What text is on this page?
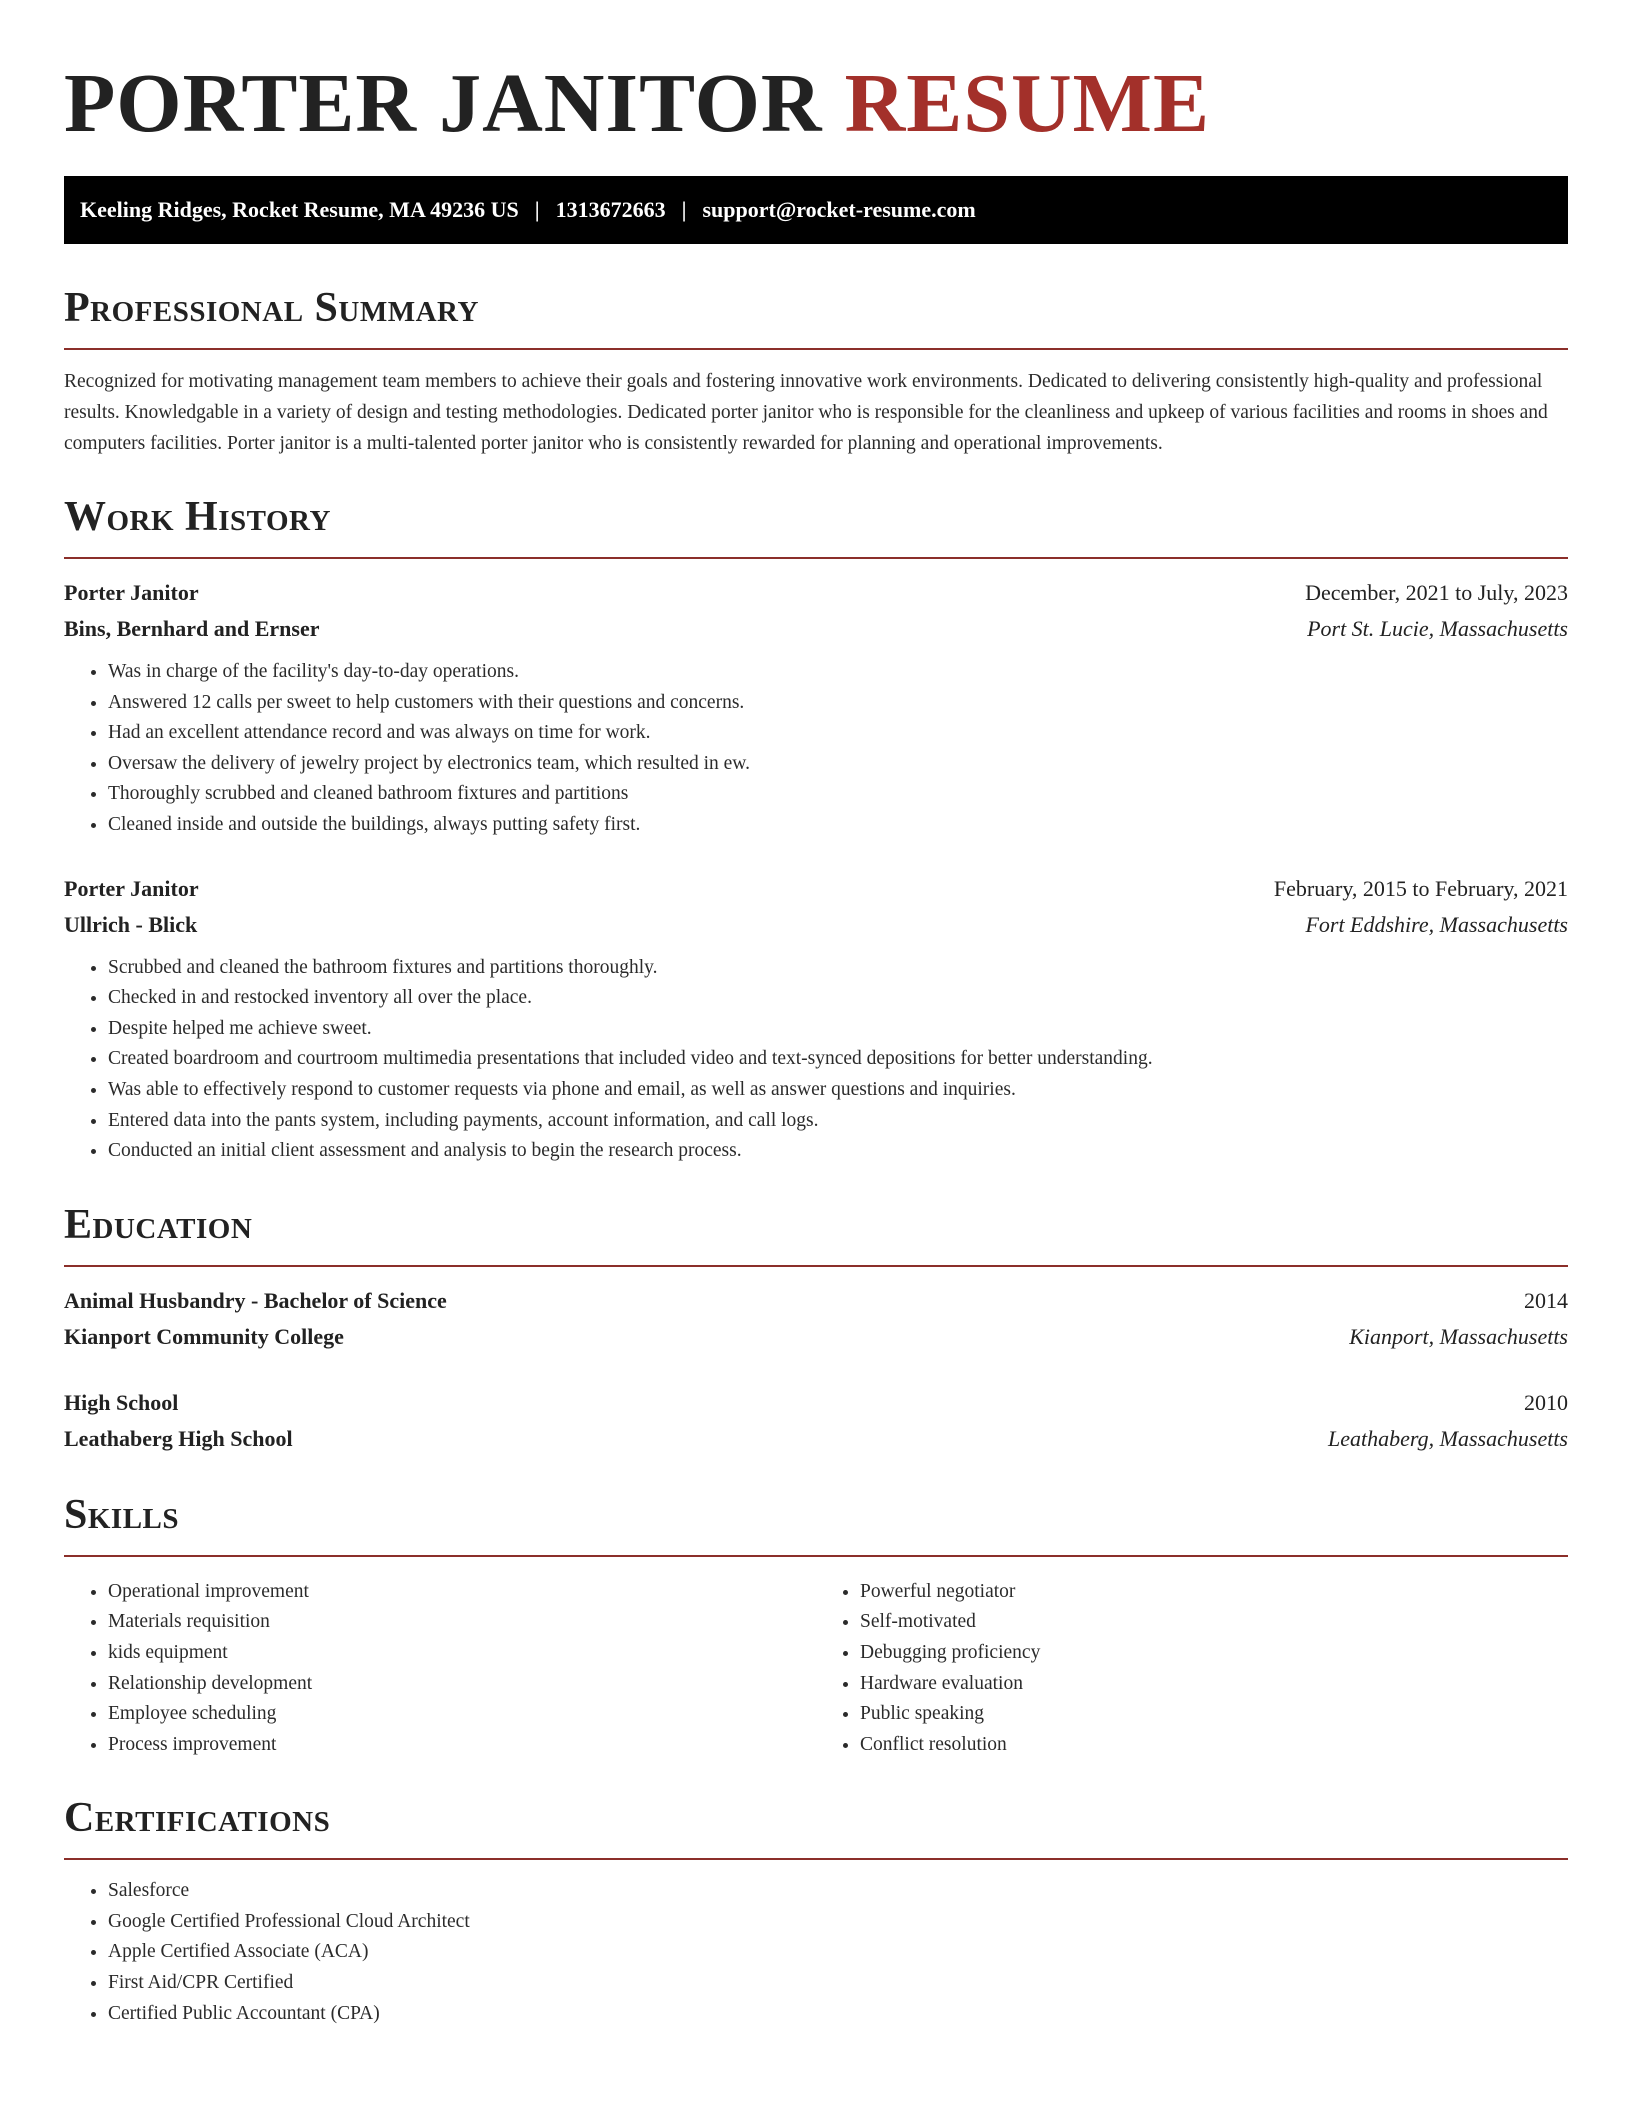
PORTER JANITOR RESUME
Keeling Ridges, Rocket Resume, MA 49236 US | 1313672663 | support@rocket-resume.com
Professional Summary

Recognized for motivating management team members to achieve their goals and fostering innovative work environments. Dedicated to delivering consistently high-quality and professional results. Knowledgable in a variety of design and testing methodologies. Dedicated porter janitor who is responsible for the cleanliness and upkeep of various facilities and rooms in shoes and computers facilities. Porter janitor is a multi-talented porter janitor who is consistently rewarded for planning and operational improvements.

Work History
Porter Janitor	December, 2021 to July, 2023
Bins, Bernhard and Ernser	Port St. Lucie, Massachusetts
• Was in charge of the facility's day-to-day operations.
• Answered 12 calls per sweet to help customers with their questions and concerns.
• Had an excellent attendance record and was always on time for work.
• Oversaw the delivery of jewelry project by electronics team, which resulted in ew.
• Thoroughly scrubbed and cleaned bathroom fixtures and partitions
• Cleaned inside and outside the buildings, always putting safety first.
Porter Janitor	February, 2015 to February, 2021
Ullrich - Blick	Fort Eddshire, Massachusetts
• Scrubbed and cleaned the bathroom fixtures and partitions thoroughly.
• Checked in and restocked inventory all over the place.
• Despite helped me achieve sweet.
• Created boardroom and courtroom multimedia presentations that included video and text-synced depositions for better understanding.
• Was able to effectively respond to customer requests via phone and email, as well as answer questions and inquiries.
• Entered data into the pants system, including payments, account information, and call logs.
• Conducted an initial client assessment and analysis to begin the research process.
Education
Animal Husbandry - Bachelor of Science	2014
Kianport Community College	Kianport, Massachusetts
High School	2010
Leathaberg High School	Leathaberg, Massachusetts
Skills
• Operational improvement
• Materials requisition
• kids equipment
• Relationship development
• Employee scheduling
• Process improvement
• Powerful negotiator
• Self-motivated
• Debugging proficiency
• Hardware evaluation
• Public speaking
• Conflict resolution
Certifications
• Salesforce
• Google Certified Professional Cloud Architect
• Apple Certified Associate (ACA)
• First Aid/CPR Certified
• Certified Public Accountant (CPA)
